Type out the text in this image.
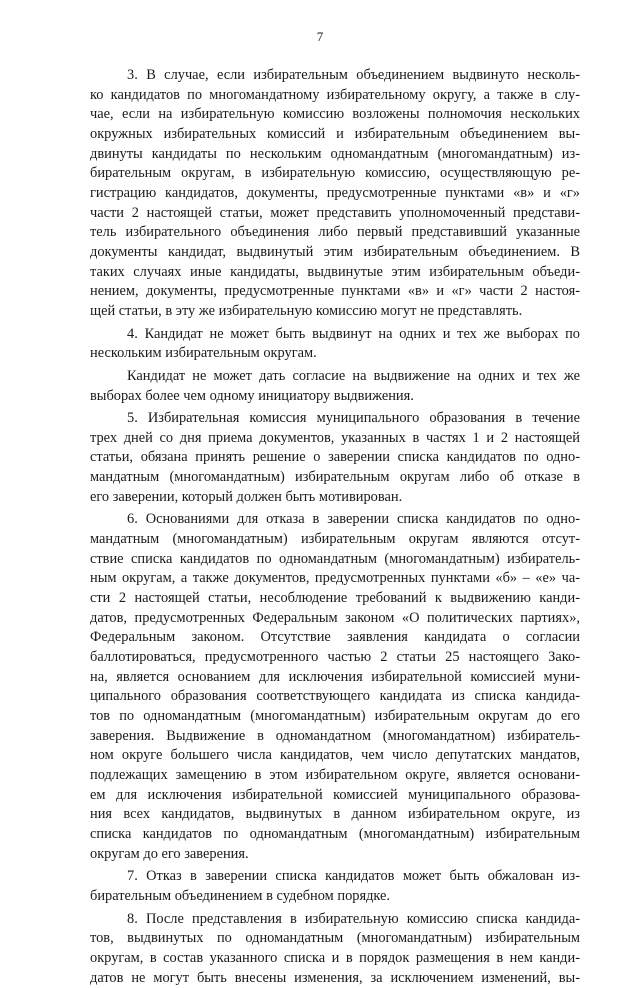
7

3. В случае, если избирательным объединением выдвинуто несколь-
ко кандидатов по многомандатному избирательному округу, а также в слу-
чае, если на избирательную комиссию возложены полномочия нескольких
окружных избирательных комиссий и избирательным объединением вы-
двинуты кандидаты по нескольким одномандатным (многомандатным) из-
бирательным округам, в избирательную комиссию, осуществляющую ре-
гистрацию кандидатов, документы, предусмотренные пунктами «в» и «г»
части 2 настоящей статьи, может представить уполномоченный представи-
тель избирательного объединения либо первый представивший указанные
документы кандидат, выдвинутый этим избирательным объединением. В
таких случаях иные кандидаты, выдвинутые этим избирательным объеди-
нением, документы, предусмотренные пунктами «в» и «г» части 2 настоя-
щей статьи, в эту же избирательную комиссию могут не представлять.

4. Кандидат не может быть выдвинут на одних и тех же выборах по
нескольким избирательным округам.

Кандидат не может дать согласие на выдвижение на одних и тех же
выборах более чем одному инициатору выдвижения.

5. Избирательная комиссия муниципального образования в течение
трех дней со дня приема документов, указанных в частях 1 и 2 настоящей
статьи, обязана принять решение о заверении списка кандидатов по одно-
мандатным (многомандатным) избирательным округам либо об отказе в
его заверении, который должен быть мотивирован.

6. Основаниями для отказа в заверении списка кандидатов по одно-
мандатным (многомандатным) избирательным округам являются отсут-
ствие списка кандидатов по одномандатным (многомандатным) избиратель-
ным округам, а также документов, предусмотренных пунктами «б» – «е» ча-
сти 2 настоящей статьи, несоблюдение требований к выдвижению канди-
датов, предусмотренных Федеральным законом «О политических партиях»,
Федеральным законом. Отсутствие заявления кандидата о согласии
баллотироваться, предусмотренного частью 2 статьи 25 настоящего Зако-
на, является основанием для исключения избирательной комиссией муни-
ципального образования соответствующего кандидата из списка кандида-
тов по одномандатным (многомандатным) избирательным округам до его
заверения. Выдвижение в одномандатном (многомандатном) избиратель-
ном округе большего числа кандидатов, чем число депутатских мандатов,
подлежащих замещению в этом избирательном округе, является основани-
ем для исключения избирательной комиссией муниципального образова-
ния всех кандидатов, выдвинутых в данном избирательном округе, из
списка кандидатов по одномандатным (многомандатным) избирательным
округам до его заверения.

7. Отказ в заверении списка кандидатов может быть обжалован из-
бирательным объединением в судебном порядке.

8. После представления в избирательную комиссию списка кандида-
тов, выдвинутых по одномандатным (многомандатным) избирательным
округам, в состав указанного списка и в порядок размещения в нем канди-
датов не могут быть внесены изменения, за исключением изменений, вы-
